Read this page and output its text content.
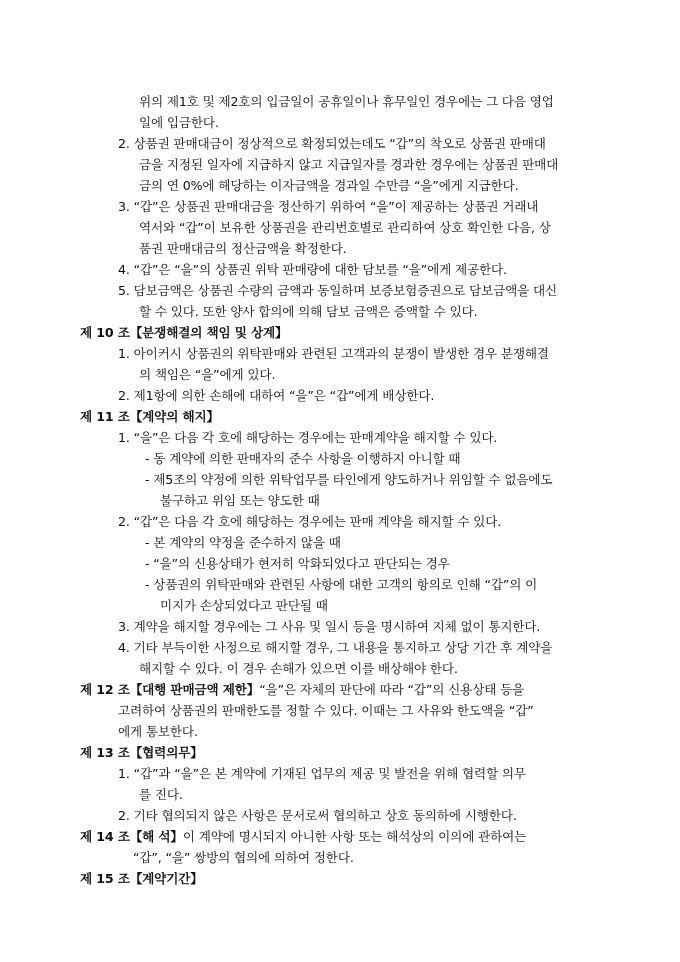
위의 제1호 및 제2호의 입금일이 공휴일이나 휴무일인 경우에는 그 다음 영업
일에 입금한다.
2. 상품권 판매대금이 정상적으로 확정되었는데도 “갑”의 착오로 상품권 판매대
금을 지정된 일자에 지급하지 않고 지급일자를 경과한 경우에는 상품권 판매대
금의 연 0%에 해당하는 이자금액을 경과일 수만큼 “을”에게 지급한다.
3. “갑”은 상품권 판매대금을 정산하기 위하여 “을”이 제공하는 상품권 거래내
역서와 “갑”이 보유한 상품권을 관리번호별로 관리하여 상호 확인한 다음, 상
품권 판매대금의 정산금액을 확정한다.
4. “갑”은 “을”의 상품권 위탁 판매량에 대한 담보를 “을”에게 제공한다.
5. 담보금액은 상품권 수량의 금액과 동일하며 보증보험증권으로 담보금액을 대신
할 수 있다. 또한 양사 합의에 의해 담보 금액은 증액할 수 있다.
제 10 조【분쟁해결의 책임 및 상계】
1. 아이커시 상품권의 위탁판매와 관련된 고객과의 분쟁이 발생한 경우 분쟁해결
의 책임은 “을”에게 있다.
2. 제1항에 의한 손해에 대하여 “을”은 “갑”에게 배상한다.
제 11 조【계약의 해지】
1. “을”은 다음 각 호에 해당하는 경우에는 판매계약을 해지할 수 있다.
- 동 계약에 의한 판매자의 준수 사항을 이행하지 아니할 때
- 제5조의 약정에 의한 위탁업무를 타인에게 양도하거나 위임할 수 없음에도
불구하고 위임 또는 양도한 때
2. “갑”은 다음 각 호에 해당하는 경우에는 판매 계약을 해지할 수 있다.
- 본 계약의 약정을 준수하지 않을 때
- “을”의 신용상태가 현저히 악화되었다고 판단되는 경우
- 상품권의 위탁판매와 관련된 사항에 대한 고객의 항의로 인해 “갑”의 이
미지가 손상되었다고 판단될 때
3. 계약을 해지할 경우에는 그 사유 및 일시 등을 명시하여 지체 없이 통지한다.
4. 기타 부득이한 사정으로 해지할 경우, 그 내용을 통지하고 상당 기간 후 계약을
해지할 수 있다. 이 경우 손해가 있으면 이를 배상해야 한다.
제 12 조【대행 판매금액 제한】“을”은 자체의 판단에 따라 “갑”의 신용상태 등을
고려하여 상품권의 판매한도를 정할 수 있다. 이때는 그 사유와 한도액을 “갑”
에게 통보한다.
제 13 조【협력의무】
1. “갑”과 “을”은 본 계약에 기재된 업무의 제공 및 발전을 위해 협력할 의무
를 진다.
2. 기타 협의되지 않은 사항은 문서로써 협의하고 상호 동의하에 시행한다.
제 14 조【해 석】이 계약에 명시되지 아니한 사항 또는 해석상의 이의에 관하여는
“갑”, “을” 쌍방의 협의에 의하여 정한다.
제 15 조【계약기간】
